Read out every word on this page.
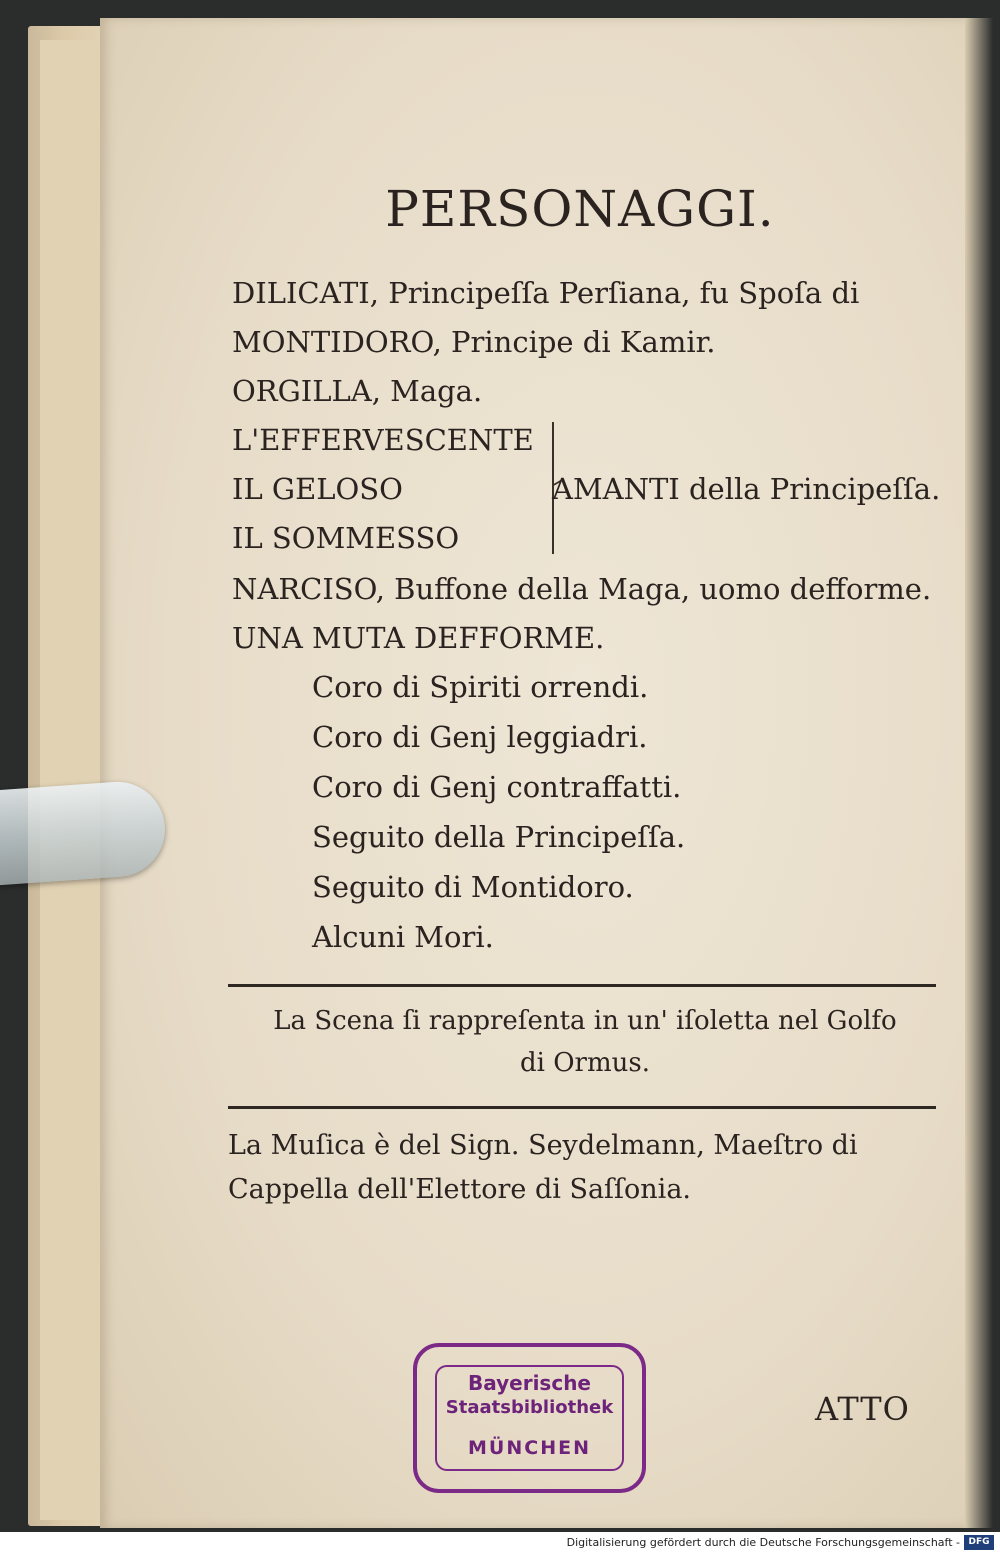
PERSONAGGI.
DILICATI, Principeſſa Perſiana, fu Spoſa di
MONTIDORO, Principe di Kamir.
ORGILLA, Maga.
L'EFFERVESCENTE
IL GELOSO
IL SOMMESSO
AMANTI della Principeſſa.
NARCISO, Buffone della Maga, uomo defforme.
UNA MUTA DEFFORME.
Coro di Spiriti orrendi.
Coro di Genj leggiadri.
Coro di Genj contraffatti.
Seguito della Principeſſa.
Seguito di Montidoro.
Alcuni Mori.
La Scena ſi rappreſenta in un' iſoletta nel Golfo di Ormus.
La Muſica è del Sign. Seydelmann, Maeſtro di Cappella dell'Elettore di Saſſonia.
ATTO
Bayerische
Staatsbibliothek
MÜNCHEN
Digitalisierung gefördert durch die Deutsche Forschungsgemeinschaft - DFG
